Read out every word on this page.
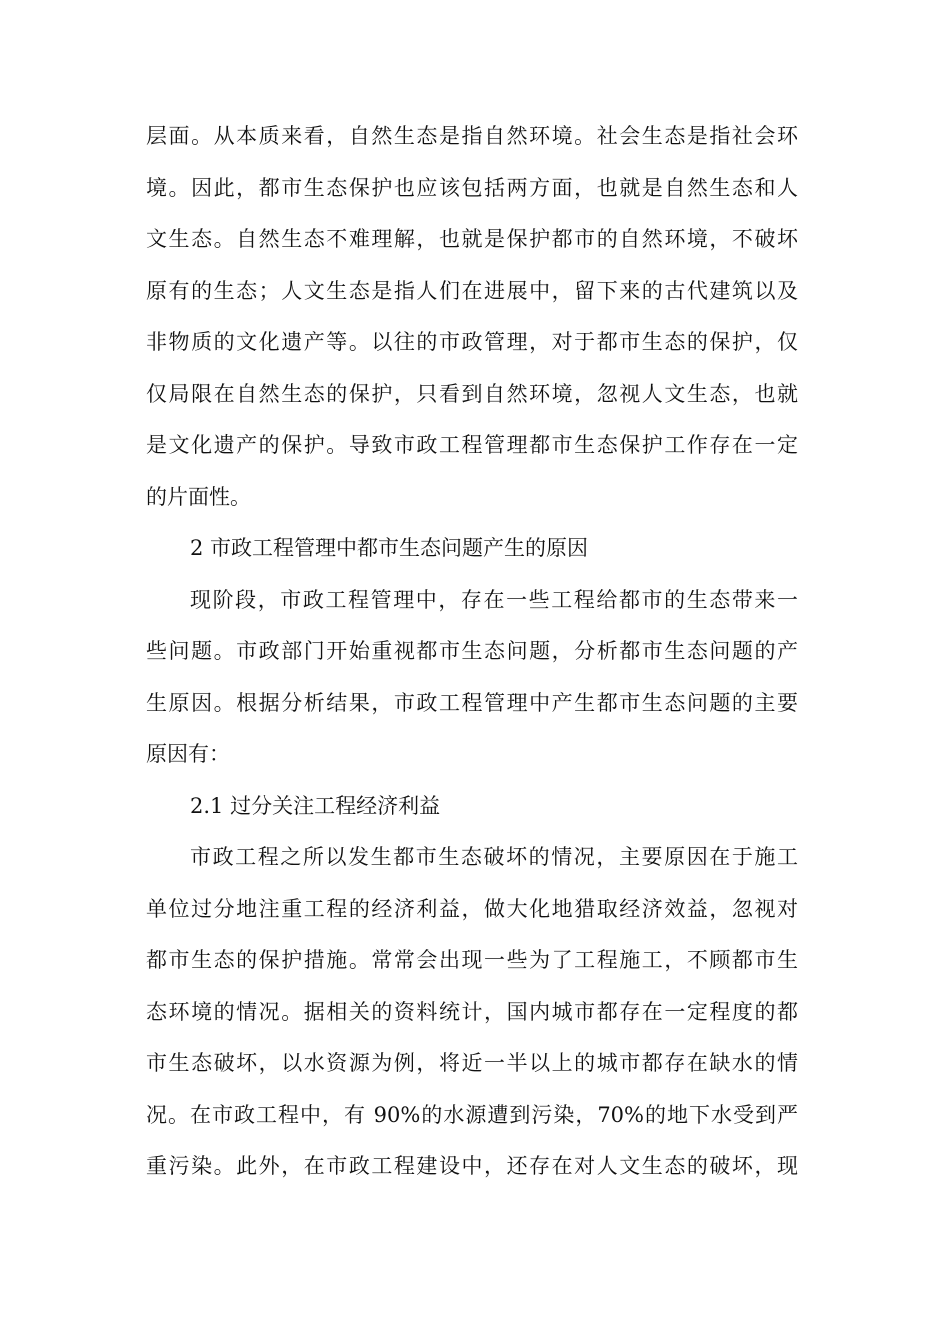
层面。从本质来看，自然生态是指自然环境。社会生态是指社会环
境。因此，都市生态保护也应该包括两方面，也就是自然生态和人
文生态。自然生态不难理解，也就是保护都市的自然环境，不破坏
原有的生态；人文生态是指人们在进展中，留下来的古代建筑以及
非物质的文化遗产等。以往的市政管理，对于都市生态的保护，仅
仅局限在自然生态的保护，只看到自然环境，忽视人文生态，也就
是文化遗产的保护。导致市政工程管理都市生态保护工作存在一定
的片面性。
2 市政工程管理中都市生态问题产生的原因
现阶段，市政工程管理中，存在一些工程给都市的生态带来一
些问题。市政部门开始重视都市生态问题，分析都市生态问题的产
生原因。根据分析结果，市政工程管理中产生都市生态问题的主要
原因有：
2.1 过分关注工程经济利益
市政工程之所以发生都市生态破坏的情况，主要原因在于施工
单位过分地注重工程的经济利益，做大化地猎取经济效益，忽视对
都市生态的保护措施。常常会出现一些为了工程施工，不顾都市生
态环境的情况。据相关的资料统计，国内城市都存在一定程度的都
市生态破坏，以水资源为例，将近一半以上的城市都存在缺水的情
况。在市政工程中，有 90%的水源遭到污染，70%的地下水受到严
重污染。此外，在市政工程建设中，还存在对人文生态的破坏，现
